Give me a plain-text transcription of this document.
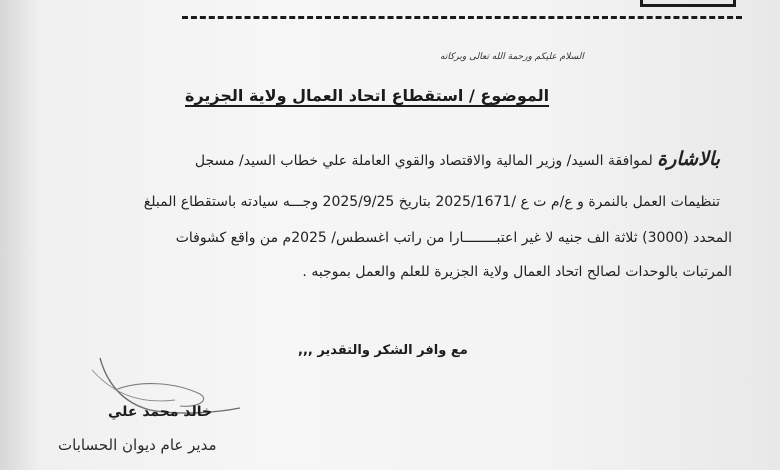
السلام عليكم ورحمة الله تعالى وبركاته
الموضوع / استقطاع اتحاد العمال ولاية الجزيرة
بالاشارة لموافقة السيد/ وزير المالية والاقتصاد والقوي العاملة علي خطاب السيد/ مسجل
تنظيمات العمل بالنمرة و ع/م ت ع /2025/1671 بتاريخ 2025/9/25 وجـــه سيادته باستقطاع المبلغ
المحدد (3000) ثلاثة الف جنيه لا غير اعتبــــــــارا من راتب اغسطس/ 2025م من واقع كشوفات
المرتبات بالوحدات لصالح اتحاد العمال ولاية الجزيرة للعلم والعمل بموجبه .
مع وافر الشكر والتقدير ,,,
خالد محمد علي
مدير عام ديوان الحسابات
